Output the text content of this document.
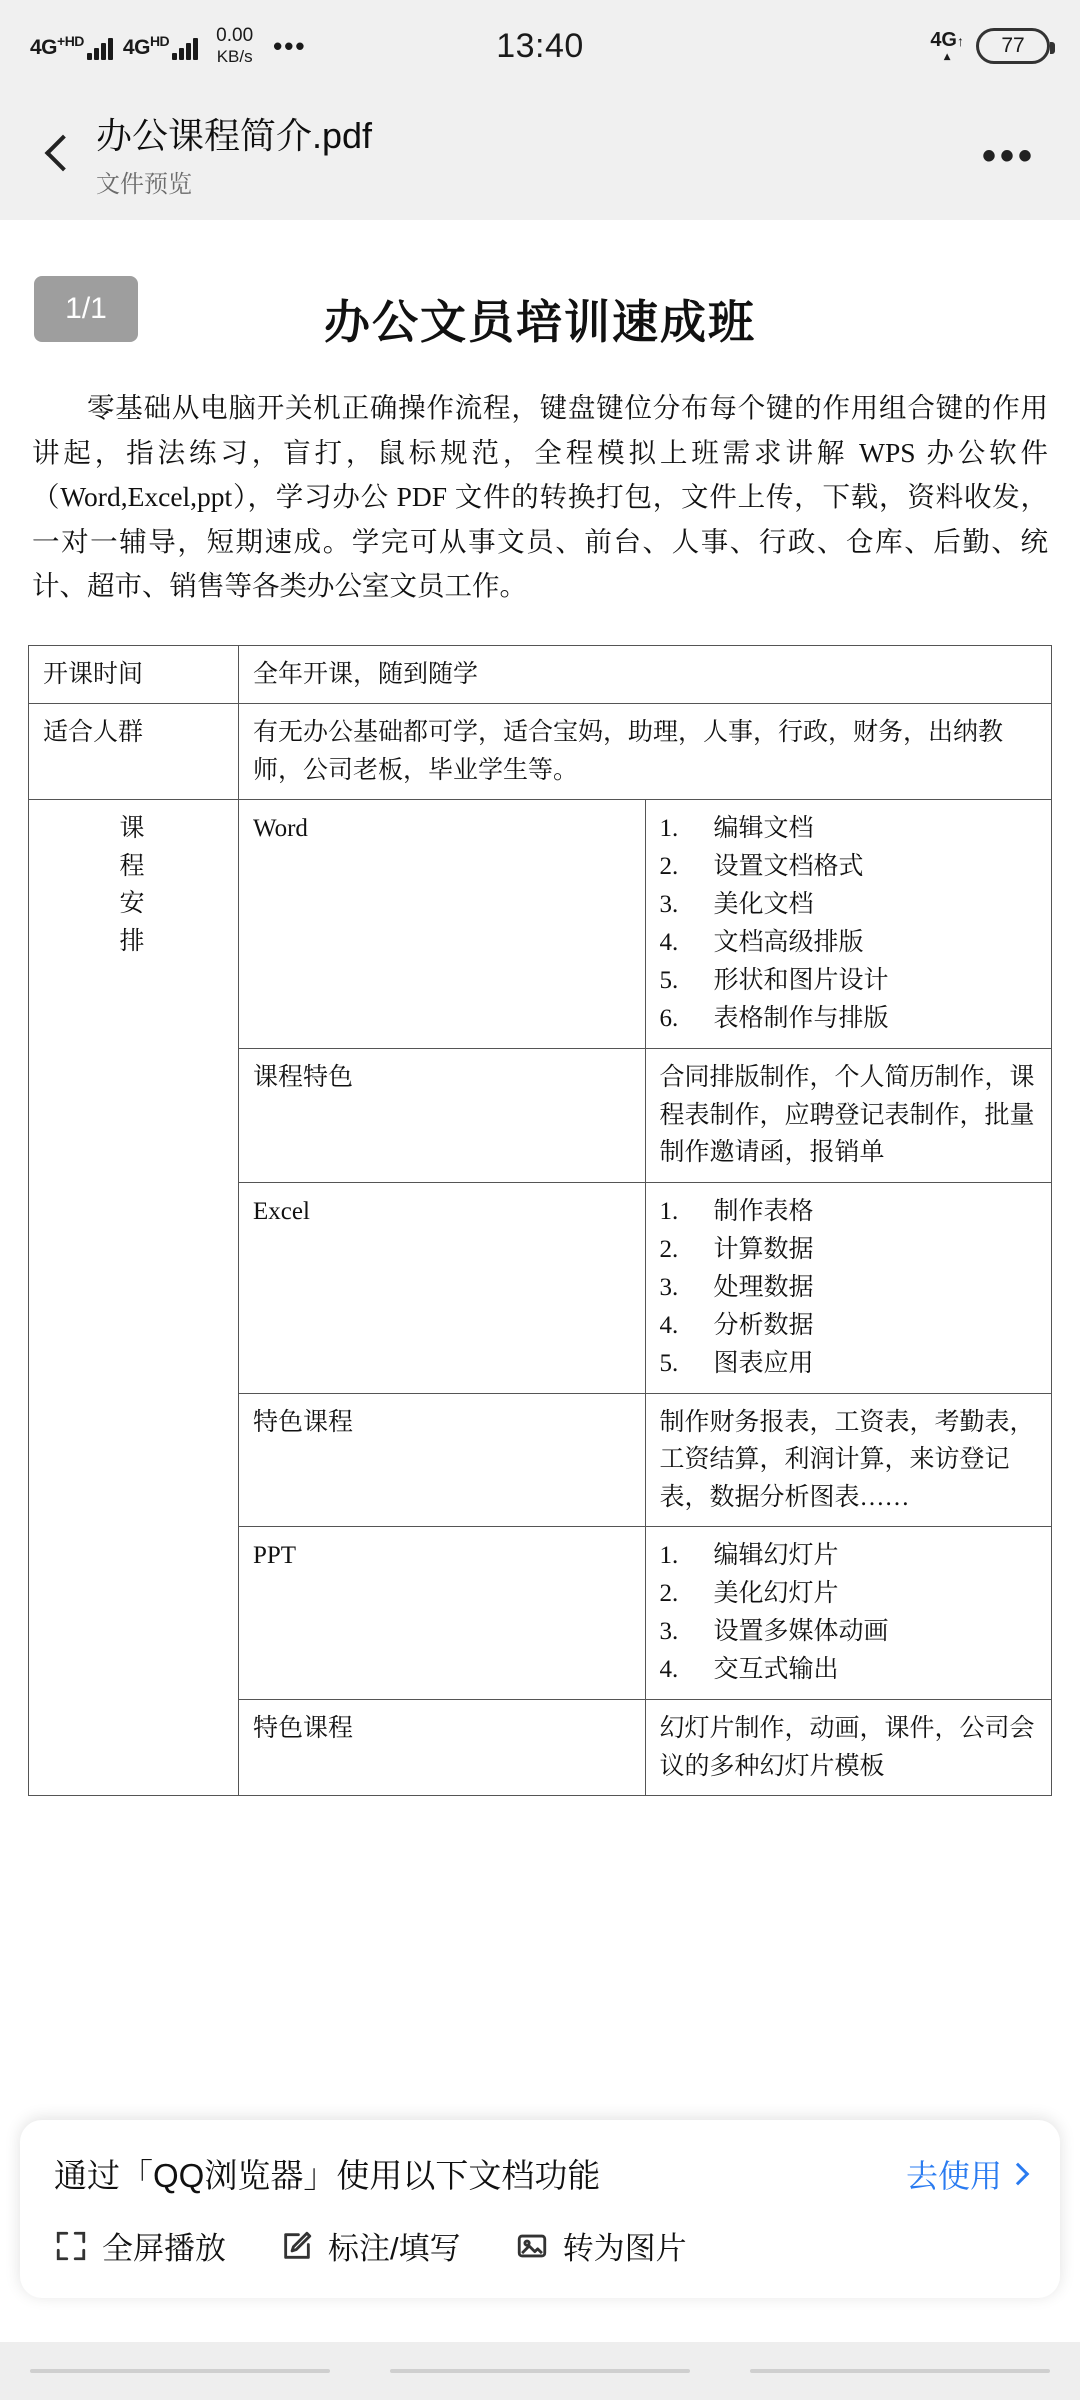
$4G^{+HD}$ $4G^{HD}$ 0.00
KB/s •••	13:40	4G↑
▴	77
办公课程简介.pdf
文件预览
•••
1/1	办公文员培训速成班
零基础从电脑开关机正确操作流程，键盘键位分布每个键的作用组合键的作用讲起，指法练习，盲打，鼠标规范，全程模拟上班需求讲解 WPS 办公软件（Word,Excel,ppt），学习办公 PDF 文件的转换打包，文件上传，下载，资料收发，一对一辅导，短期速成。学完可从事文员、前台、人事、行政、仓库、后勤、统计、超市、销售等各类办公室文员工作。
开课时间	全年开课，随到随学	
适合人群	有无办公基础都可学，适合宝妈，助理，人事，行政，财务，出纳教师，公司老板，毕业学生等。	

课
程
安
排
	Word	1.	编辑文档
2.	设置文档格式
3.	美化文档
4.	文档高级排版
5.	形状和图片设计
6.	表格制作与排版

	课程特色	合同排版制作，个人简历制作，课程表制作，应聘登记表制作，批量制作邀请函，报销单
Excel	1.	制作表格
2.	计算数据
3.	处理数据
4.	分析数据
5.	图表应用

	特色课程	制作财务报表，工资表，考勤表，工资结算，利润计算，来访登记表，数据分析图表……
PPT	1.	编辑幻灯片
2.	美化幻灯片
3.	设置多媒体动画
4.	交互式输出

	特色课程	幻灯片制作，动画，课件，公司会议的多种幻灯片模板
通过「QQ浏览器」使用以下文档功能	去使用
全屏播放	标注/填写	转为图片
